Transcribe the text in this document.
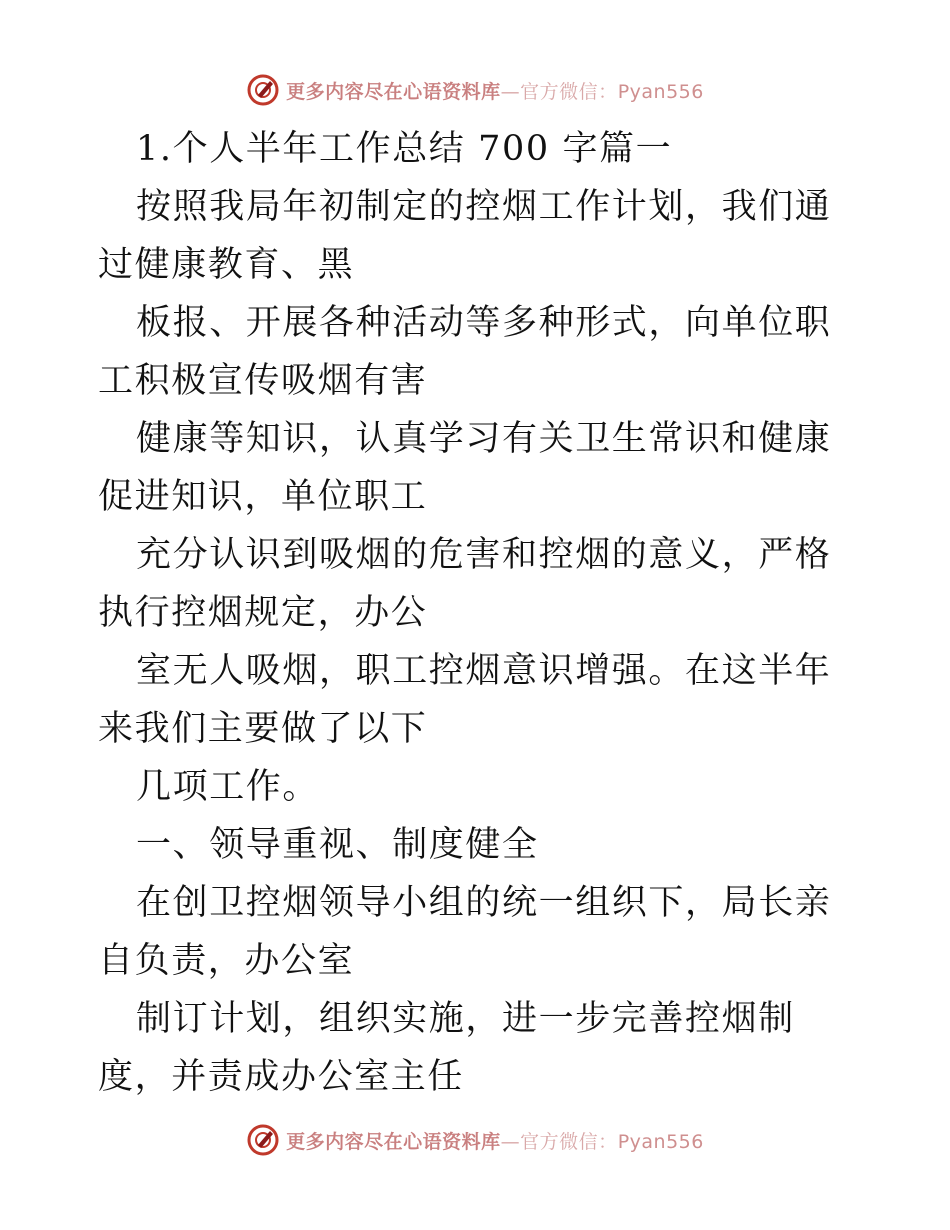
更多内容尽在心语资料库—官方微信：Pyan556

1.个人半年工作总结 700 字篇一

按照我局年初制定的控烟工作计划，我们通过健康教育、黑

板报、开展各种活动等多种形式，向单位职工积极宣传吸烟有害

健康等知识，认真学习有关卫生常识和健康促进知识，单位职工

充分认识到吸烟的危害和控烟的意义，严格执行控烟规定，办公

室无人吸烟，职工控烟意识增强。在这半年来我们主要做了以下

几项工作。

一、领导重视、制度健全

在创卫控烟领导小组的统一组织下，局长亲自负责，办公室

制订计划，组织实施，进一步完善控烟制度，并责成办公室主任

更多内容尽在心语资料库—官方微信：Pyan556
